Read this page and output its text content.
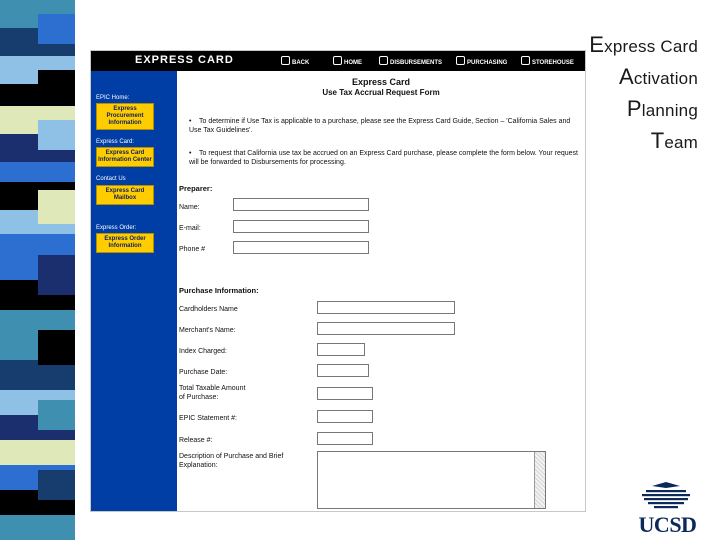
Express Card
Activation
Planning
Team
EXPRESS CARD	BACK	HOME	DISBURSEMENTS	PURCHASING	STOREHOUSE
EPIC Home:
Express Procurement Information
Express Card:
Express Card Information Center
Contact Us
Express Card Mailbox
Express Order:
Express Order Information
Express Card
Use Tax Accrual Request Form
• To determine if Use Tax is applicable to a purchase, please see the Express Card Guide, Section – 'California Sales and Use Tax Guidelines'.
• To request that California use tax be accrued on an Express Card purchase, please complete the form below. Your request will be forwarded to Disbursements for processing.
Preparer:
Name:
E-mail:
Phone #
Purchase Information:
Cardholders Name
Merchant's Name:
Index Charged:
Purchase Date:
Total Taxable Amount of Purchase:
EPIC Statement #:
Release #:
Description of Purchase and Brief Explanation:
UCSD
